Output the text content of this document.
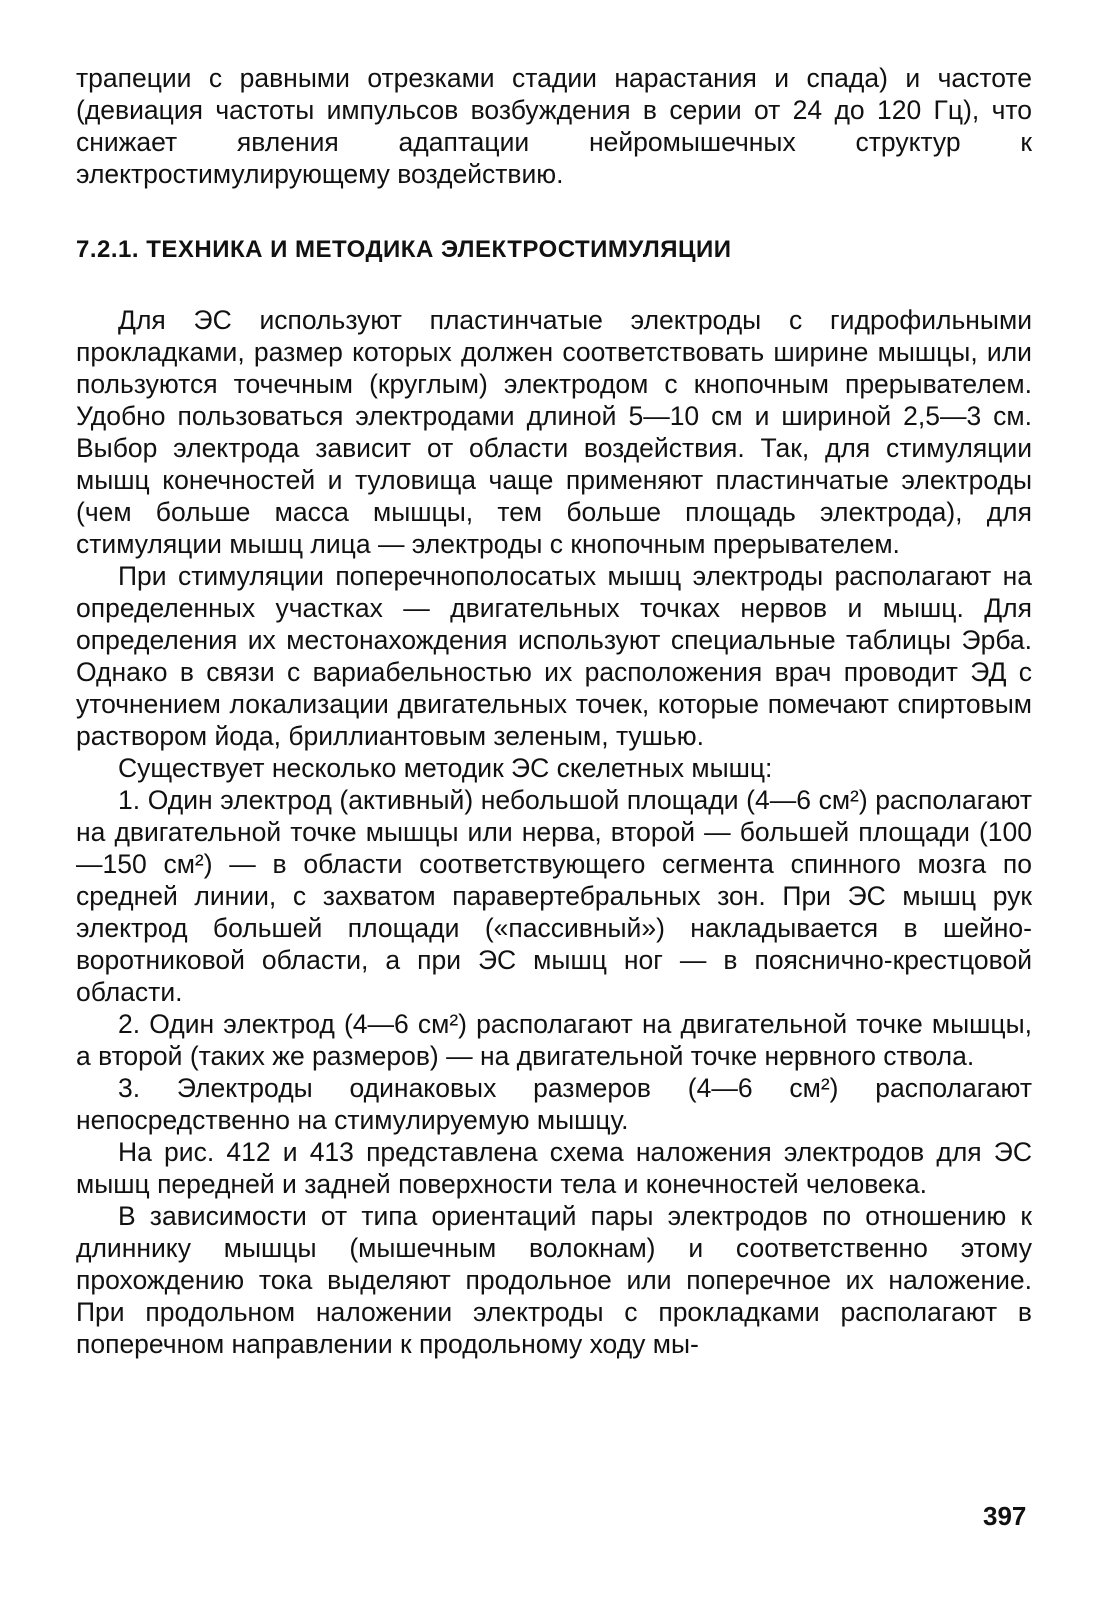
трапеции с равными отрезками стадии нарастания и спада) и частоте (девиация частоты импульсов возбуждения в серии от 24 до 120 Гц), что снижает явления адаптации нейромышечных структур к электростимулирующему воздействию.

7.2.1. ТЕХНИКА И МЕТОДИКА ЭЛЕКТРОСТИМУЛЯЦИИ

Для ЭС используют пластинчатые электроды с гидрофильными прокладками, размер которых должен соответствовать ширине мышцы, или пользуются точечным (круглым) электродом с кнопочным прерывателем. Удобно пользоваться электродами длиной 5—10 см и шириной 2,5—3 см. Выбор электрода зависит от области воздействия. Так, для стимуляции мышц конечностей и туловища чаще применяют пластинчатые электроды (чем больше масса мышцы, тем больше площадь электрода), для стимуляции мышц лица — электроды с кнопочным прерывателем.

При стимуляции поперечнополосатых мышц электроды располагают на определенных участках — двигательных точках нервов и мышц. Для определения их местонахождения используют специальные таблицы Эрба. Однако в связи с вариабельностью их расположения врач проводит ЭД с уточнением локализации двигательных точек, которые помечают спиртовым раствором йода, бриллиантовым зеленым, тушью.

Существует несколько методик ЭС скелетных мышц:

1. Один электрод (активный) небольшой площади (4—6 см²) располагают на двигательной точке мышцы или нерва, второй — большей площади (100—150 см²) — в области соответствующего сегмента спинного мозга по средней линии, с захватом паравертебральных зон. При ЭС мышц рук электрод большей площади («пассивный») накладывается в шейно-воротниковой области, а при ЭС мышц ног — в пояснично-крестцовой области.

2. Один электрод (4—6 см²) располагают на двигательной точке мышцы, а второй (таких же размеров) — на двигательной точке нервного ствола.

3. Электроды одинаковых размеров (4—6 см²) располагают непосредственно на стимулируемую мышцу.

На рис. 412 и 413 представлена схема наложения электродов для ЭС мышц передней и задней поверхности тела и конечностей человека.

В зависимости от типа ориентаций пары электродов по отношению к длиннику мышцы (мышечным волокнам) и соответственно этому прохождению тока выделяют продольное или поперечное их наложение. При продольном наложении электроды с прокладками располагают в поперечном направлении к продольному ходу мы-

397
